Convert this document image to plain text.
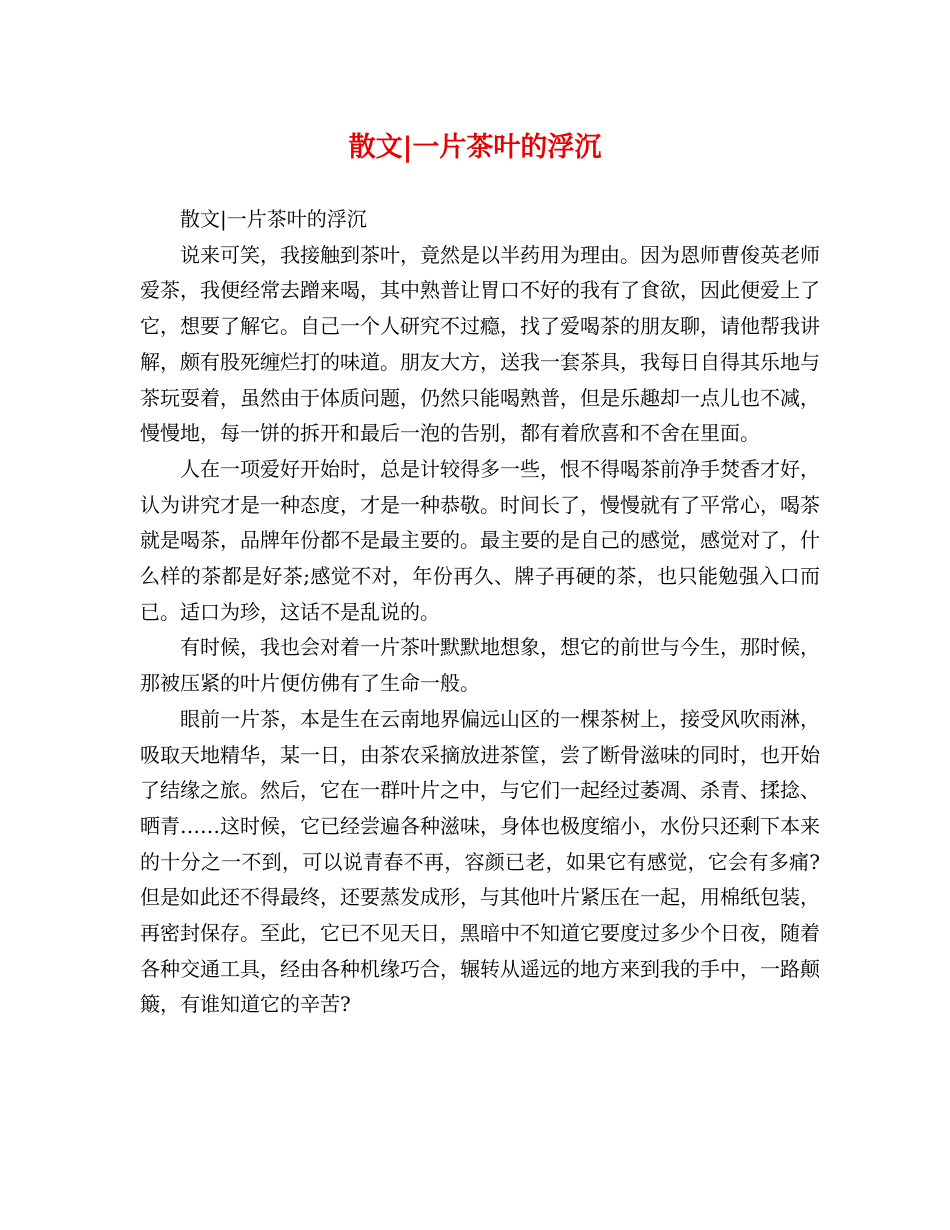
散文|一片茶叶的浮沉

散文|一片茶叶的浮沉

说来可笑，我接触到茶叶，竟然是以半药用为理由。因为恩师曹俊英老师爱茶，我便经常去蹭来喝，其中熟普让胃口不好的我有了食欲，因此便爱上了它，想要了解它。自己一个人研究不过瘾，找了爱喝茶的朋友聊，请他帮我讲解，颇有股死缠烂打的味道。朋友大方，送我一套茶具，我每日自得其乐地与茶玩耍着，虽然由于体质问题，仍然只能喝熟普，但是乐趣却一点儿也不减，慢慢地，每一饼的拆开和最后一泡的告别，都有着欣喜和不舍在里面。

人在一项爱好开始时，总是计较得多一些，恨不得喝茶前净手焚香才好，认为讲究才是一种态度，才是一种恭敬。时间长了，慢慢就有了平常心，喝茶就是喝茶，品牌年份都不是最主要的。最主要的是自己的感觉，感觉对了，什么样的茶都是好茶;感觉不对，年份再久、牌子再硬的茶，也只能勉强入口而已。适口为珍，这话不是乱说的。

有时候，我也会对着一片茶叶默默地想象，想它的前世与今生，那时候，那被压紧的叶片便仿佛有了生命一般。

眼前一片茶，本是生在云南地界偏远山区的一棵茶树上，接受风吹雨淋，吸取天地精华，某一日，由茶农采摘放进茶筐，尝了断骨滋味的同时，也开始了结缘之旅。然后，它在一群叶片之中，与它们一起经过萎凋、杀青、揉捻、晒青……这时候，它已经尝遍各种滋味，身体也极度缩小，水份只还剩下本来的十分之一不到，可以说青春不再，容颜已老，如果它有感觉，它会有多痛?但是如此还不得最终，还要蒸发成形，与其他叶片紧压在一起，用棉纸包装，再密封保存。至此，它已不见天日，黑暗中不知道它要度过多少个日夜，随着各种交通工具，经由各种机缘巧合，辗转从遥远的地方来到我的手中，一路颠簸，有谁知道它的辛苦?
